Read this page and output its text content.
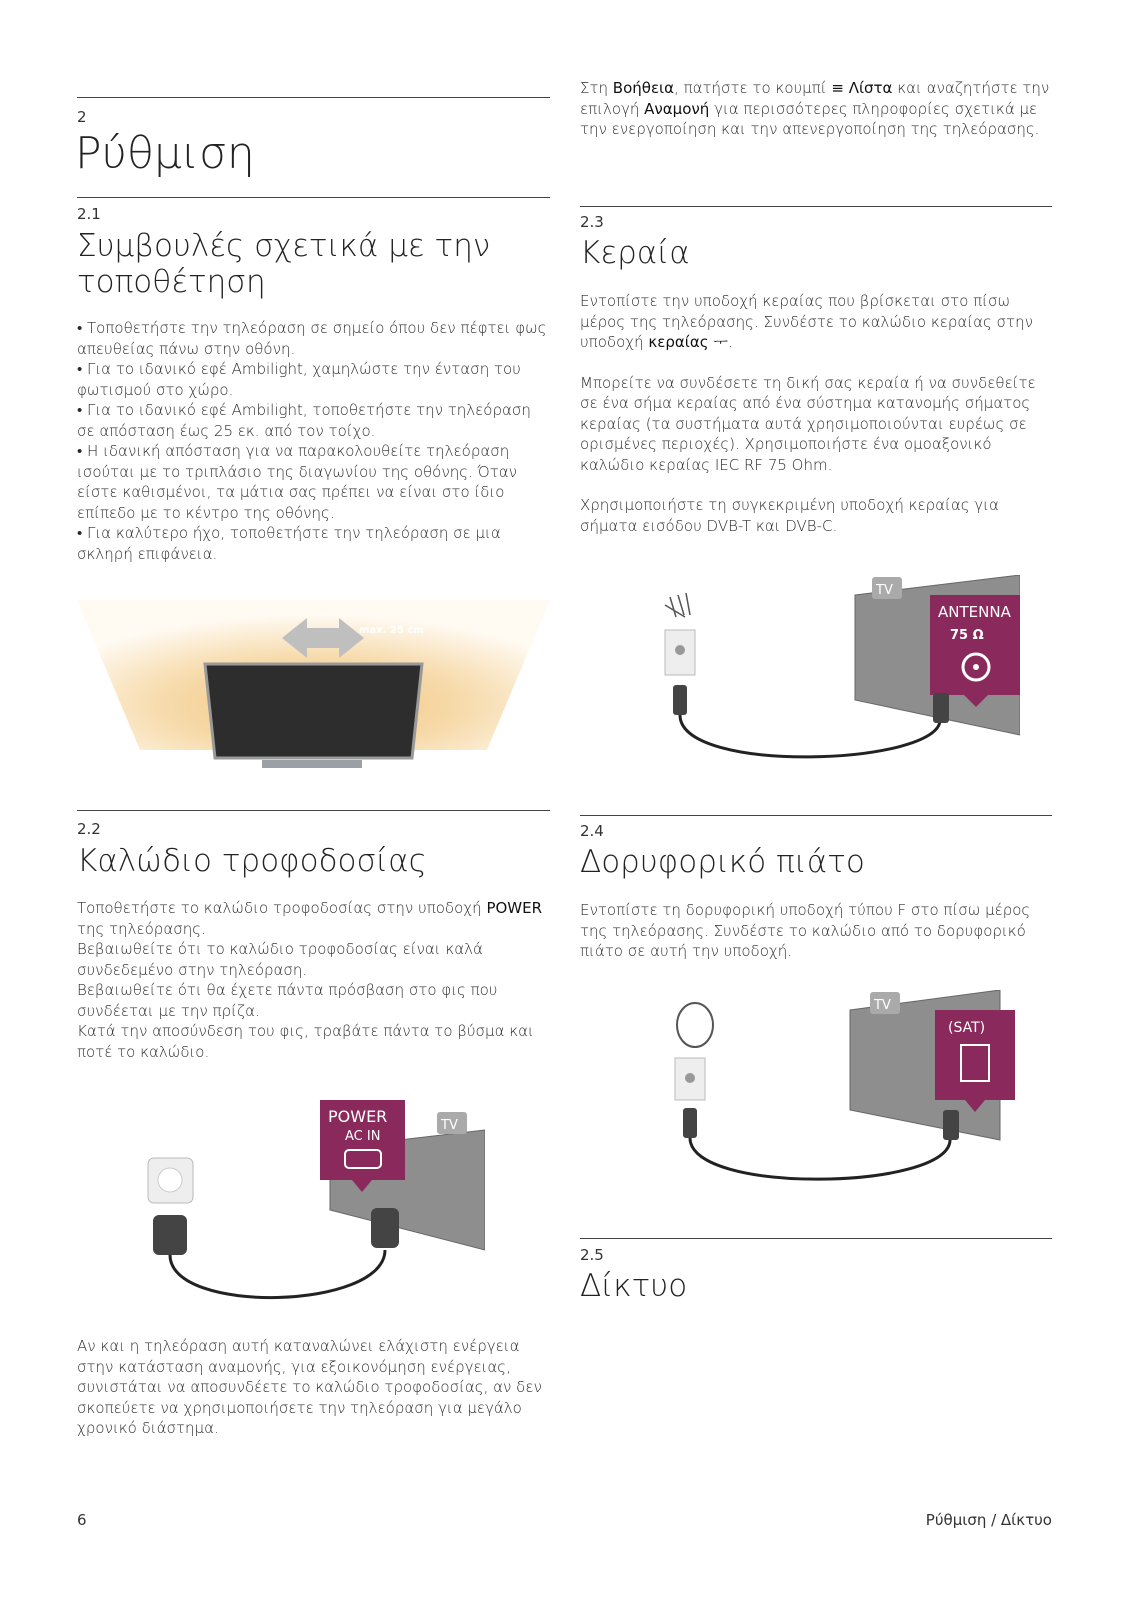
2
Ρύθμιση
2.1
Συμβουλές σχετικά με την τοποθέτηση
• Τοποθετήστε την τηλεόραση σε σημείο όπου δεν πέφτει φως απευθείας πάνω στην οθόνη.
• Για το ιδανικό εφέ Ambilight, χαμηλώστε την ένταση του φωτισμού στο χώρο.
• Για το ιδανικό εφέ Ambilight, τοποθετήστε την τηλεόραση σε απόσταση έως 25 εκ. από τον τοίχο.
• Η ιδανική απόσταση για να παρακολουθείτε τηλεόραση ισούται με το τριπλάσιο της διαγωνίου της οθόνης. Όταν είστε καθισμένοι, τα μάτια σας πρέπει να είναι στο ίδιο επίπεδο με το κέντρο της οθόνης.
• Για καλύτερο ήχο, τοποθετήστε την τηλεόραση σε μια σκληρή επιφάνεια.
max. 25 cm
2.2
Καλώδιο τροφοδοσίας
Τοποθετήστε το καλώδιο τροφοδοσίας στην υποδοχή POWER της τηλεόρασης.
Βεβαιωθείτε ότι το καλώδιο τροφοδοσίας είναι καλά συνδεδεμένο στην τηλεόραση.
Βεβαιωθείτε ότι θα έχετε πάντα πρόσβαση στο φις που συνδέεται με την πρίζα.
Κατά την αποσύνδεση του φις, τραβάτε πάντα το βύσμα και ποτέ το καλώδιο.
TV
POWER
AC IN
Αν και η τηλεόραση αυτή καταναλώνει ελάχιστη ενέργεια στην κατάσταση αναμονής, για εξοικονόμηση ενέργειας, συνιστάται να αποσυνδέετε το καλώδιο τροφοδοσίας, αν δεν σκοπεύετε να χρησιμοποιήσετε την τηλεόραση για μεγάλο χρονικό διάστημα.
Στη Βοήθεια, πατήστε το κουμπί ≡ Λίστα και αναζητήστε την επιλογή Αναμονή για περισσότερες πληροφορίες σχετικά με την ενεργοποίηση και την απενεργοποίηση της τηλεόρασης.
2.3
Κεραία
Εντοπίστε την υποδοχή κεραίας που βρίσκεται στο πίσω μέρος της τηλεόρασης. Συνδέστε το καλώδιο κεραίας στην υποδοχή κεραίας ᅮ.
Μπορείτε να συνδέσετε τη δική σας κεραία ή να συνδεθείτε σε ένα σήμα κεραίας από ένα σύστημα κατανομής σήματος κεραίας (τα συστήματα αυτά χρησιμοποιούνται ευρέως σε ορισμένες περιοχές). Χρησιμοποιήστε ένα ομοαξονικό καλώδιο κεραίας IEC RF 75 Ohm.
Χρησιμοποιήστε τη συγκεκριμένη υποδοχή κεραίας για σήματα εισόδου DVB-T και DVB-C.
TV
ANTENNA
75 Ω
2.4
Δορυφορικό πιάτο
Εντοπίστε τη δορυφορική υποδοχή τύπου F στο πίσω μέρος της τηλεόρασης. Συνδέστε το καλώδιο από το δορυφορικό πιάτο σε αυτή την υποδοχή.
TV
(SAT)
2.5
Δίκτυο
6	Ρύθμιση / Δίκτυο
